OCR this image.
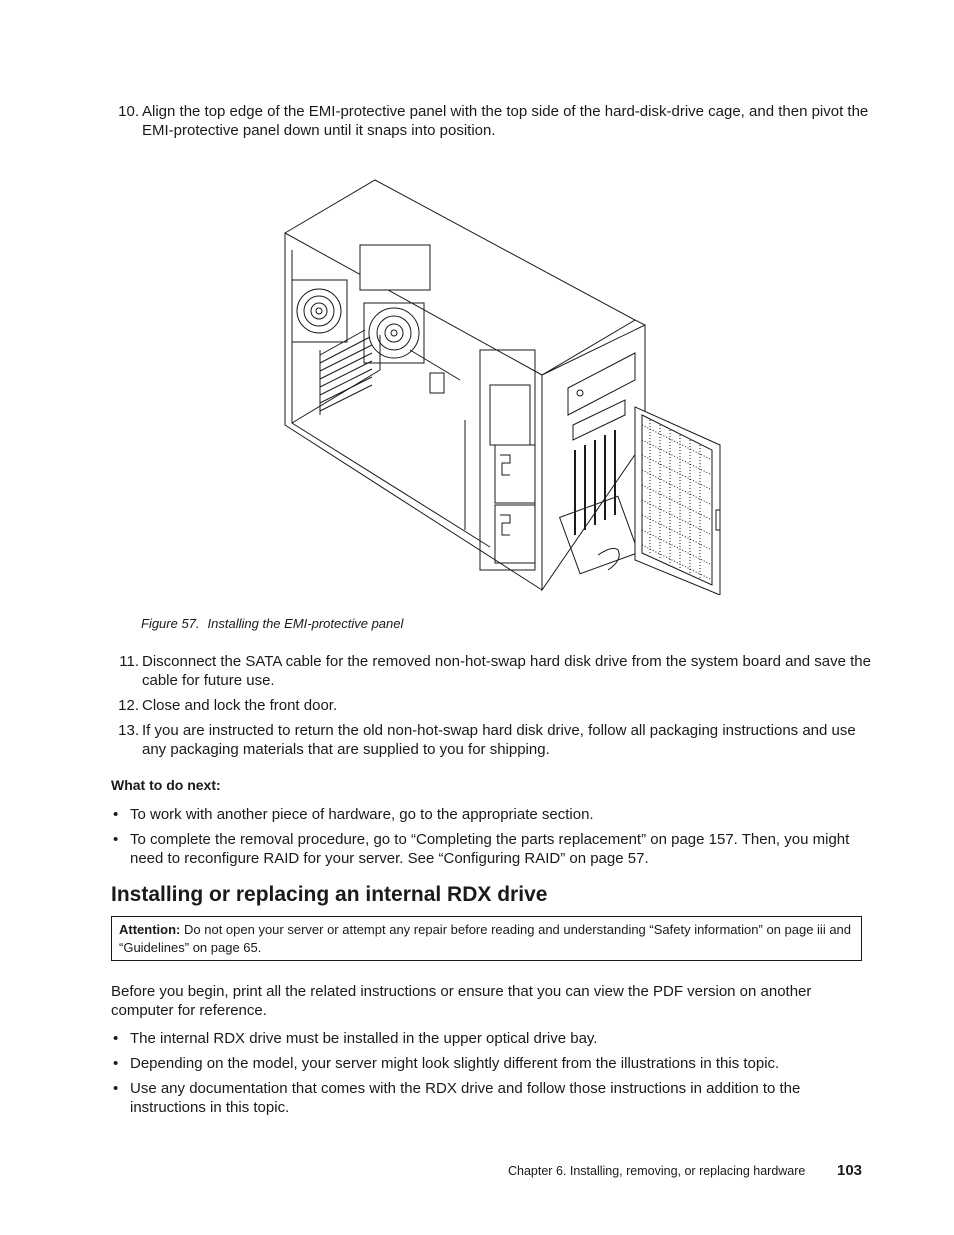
10. Align the top edge of the EMI-protective panel with the top side of the hard-disk-drive cage, and then pivot the EMI-protective panel down until it snaps into position.
Figure 57. Installing the EMI-protective panel
11. Disconnect the SATA cable for the removed non-hot-swap hard disk drive from the system board and save the cable for future use.
12. Close and lock the front door.
13. If you are instructed to return the old non-hot-swap hard disk drive, follow all packaging instructions and use any packaging materials that are supplied to you for shipping.
What to do next:
• To work with another piece of hardware, go to the appropriate section.
• To complete the removal procedure, go to “Completing the parts replacement” on page 157. Then, you might need to reconfigure RAID for your server. See “Configuring RAID” on page 57.
Installing or replacing an internal RDX drive
Attention: Do not open your server or attempt any repair before reading and understanding “Safety information” on page iii and “Guidelines” on page 65.
Before you begin, print all the related instructions or ensure that you can view the PDF version on another computer for reference.
• The internal RDX drive must be installed in the upper optical drive bay.
• Depending on the model, your server might look slightly different from the illustrations in this topic.
• Use any documentation that comes with the RDX drive and follow those instructions in addition to the instructions in this topic.
Chapter 6. Installing, removing, or replacing hardware 103
